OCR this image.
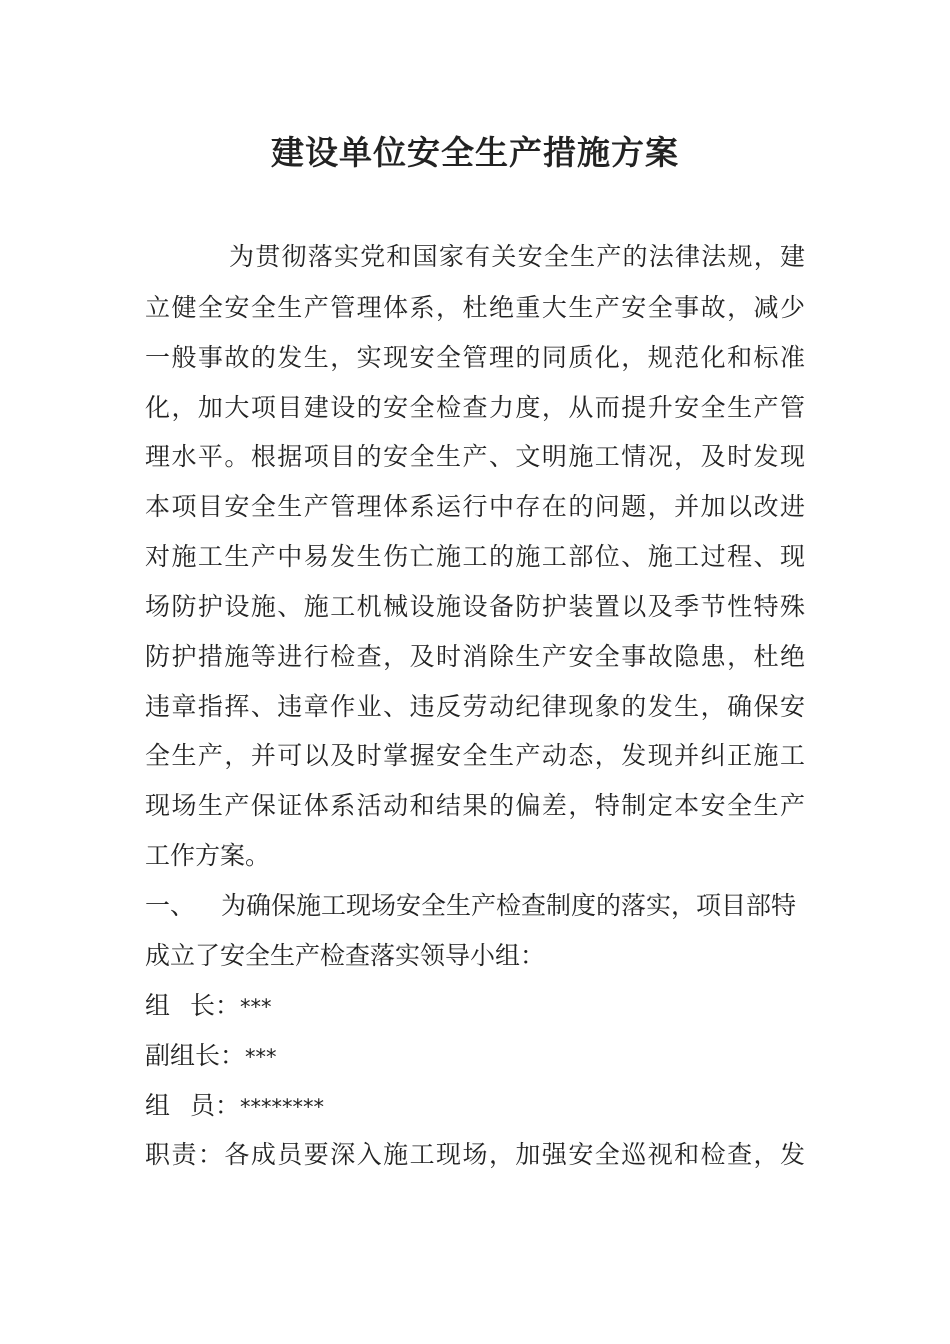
建设单位安全生产措施方案
为贯彻落实党和国家有关安全生产的法律法规，建
立健全安全生产管理体系，杜绝重大生产安全事故，减少
一般事故的发生，实现安全管理的同质化，规范化和标准
化，加大项目建设的安全检查力度，从而提升安全生产管
理水平。根据项目的安全生产、文明施工情况，及时发现
本项目安全生产管理体系运行中存在的问题，并加以改进
对施工生产中易发生伤亡施工的施工部位、施工过程、现
场防护设施、施工机械设施设备防护装置以及季节性特殊
防护措施等进行检查，及时消除生产安全事故隐患，杜绝
违章指挥、违章作业、违反劳动纪律现象的发生，确保安
全生产，并可以及时掌握安全生产动态，发现并纠正施工
现场生产保证体系活动和结果的偏差，特制定本安全生产
工作方案。
一、 为确保施工现场安全生产检查制度的落实，项目部特
成立了安全生产检查落实领导小组：
组 长：***
副组长：***
组 员：********
职责：各成员要深入施工现场，加强安全巡视和检查，发
